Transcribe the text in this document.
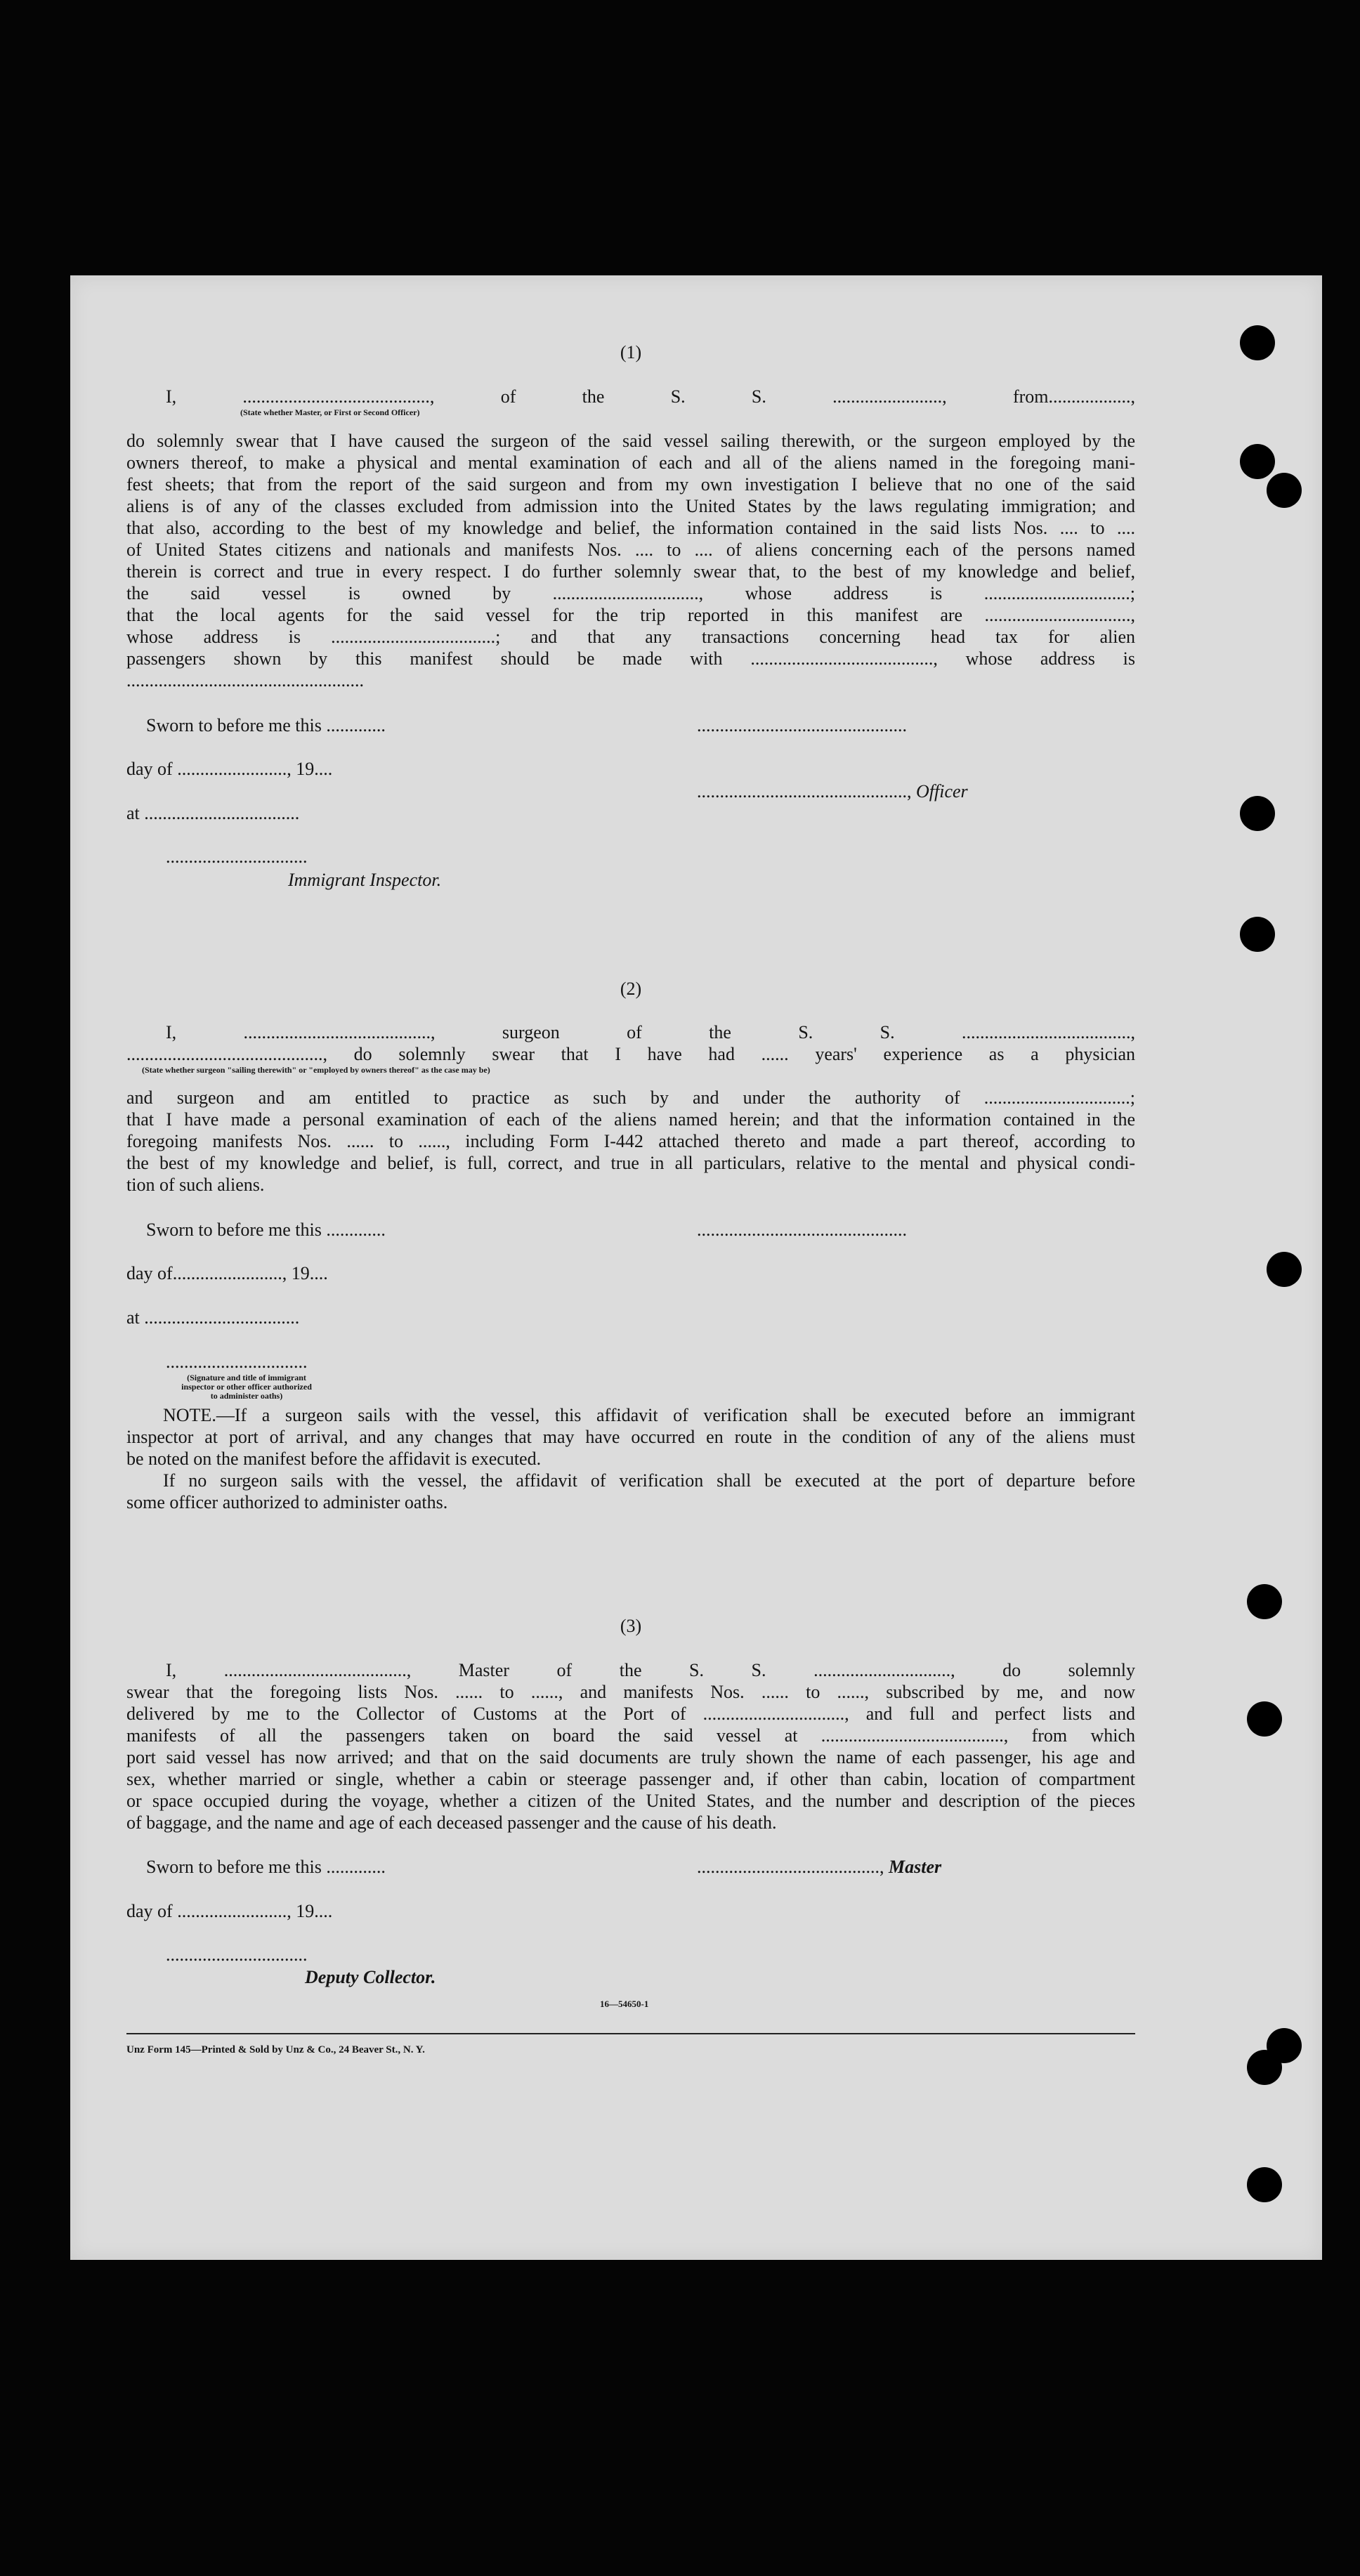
(1)
I, ........................................., of the S. S. ........................, from..................,
(State whether Master, or First or Second Officer)

do solemnly swear that I have caused the surgeon of the said vessel sailing therewith, or the surgeon employed by the

owners thereof, to make a physical and mental examination of each and all of the aliens named in the foregoing mani-

fest sheets; that from the report of the said surgeon and from my own investigation I believe that no one of the said

aliens is of any of the classes excluded from admission into the United States by the laws regulating immigration; and

that also, according to the best of my knowledge and belief, the information contained in the said lists Nos. .... to ....

of United States citizens and nationals and manifests Nos. .... to .... of aliens concerning each of the persons named

therein is correct and true in every respect. I do further solemnly swear that, to the best of my knowledge and belief,

the said vessel is owned by ................................, whose address is ................................;

that the local agents for the said vessel for the trip reported in this manifest are ................................,

whose address is ....................................; and that any transactions concerning head tax for alien

passengers shown by this manifest should be made with ........................................, whose address is

....................................................

Sworn to before me this .............	..............................................
day of ........................, 19....
.............................................., Officer
at ..................................
...............................
Immigrant Inspector.
(2)
I, ........................................., surgeon of the S. S. .....................................,
..........................................., do solemnly swear that I have had ...... years' experience as a physician
(State whether surgeon "sailing therewith" or "employed by owners thereof" as the case may be)

and surgeon and am entitled to practice as such by and under the authority of ................................;

that I have made a personal examination of each of the aliens named herein; and that the information contained in the

foregoing manifests Nos. ...... to ......, including Form I-442 attached thereto and made a part thereof, according to

the best of my knowledge and belief, is full, correct, and true in all particulars, relative to the mental and physical condi-

tion of such aliens.

Sworn to before me this .............	..............................................
day of........................, 19....
at ..................................
...............................
(Signature and title of immigrant inspector or other officer authorized to administer oaths)

NOTE.—If a surgeon sails with the vessel, this affidavit of verification shall be executed before an immigrant

inspector at port of arrival, and any changes that may have occurred en route in the condition of any of the aliens must

be noted on the manifest before the affidavit is executed.

If no surgeon sails with the vessel, the affidavit of verification shall be executed at the port of departure before

some officer authorized to administer oaths.

(3)

I, ........................................, Master of the S. S. .............................., do solemnly

swear that the foregoing lists Nos. ...... to ......, and manifests Nos. ...... to ......, subscribed by me, and now

delivered by me to the Collector of Customs at the Port of ..............................., and full and perfect lists and

manifests of all the passengers taken on board the said vessel at ........................................, from which

port said vessel has now arrived; and that on the said documents are truly shown the name of each passenger, his age and

sex, whether married or single, whether a cabin or steerage passenger and, if other than cabin, location of compartment

or space occupied during the voyage, whether a citizen of the United States, and the number and description of the pieces

of baggage, and the name and age of each deceased passenger and the cause of his death.

Sworn to before me this .............	........................................, Master
day of ........................, 19....
...............................
Deputy Collector.
16—54650-1
Unz Form 145—Printed & Sold by Unz & Co., 24 Beaver St., N. Y.
